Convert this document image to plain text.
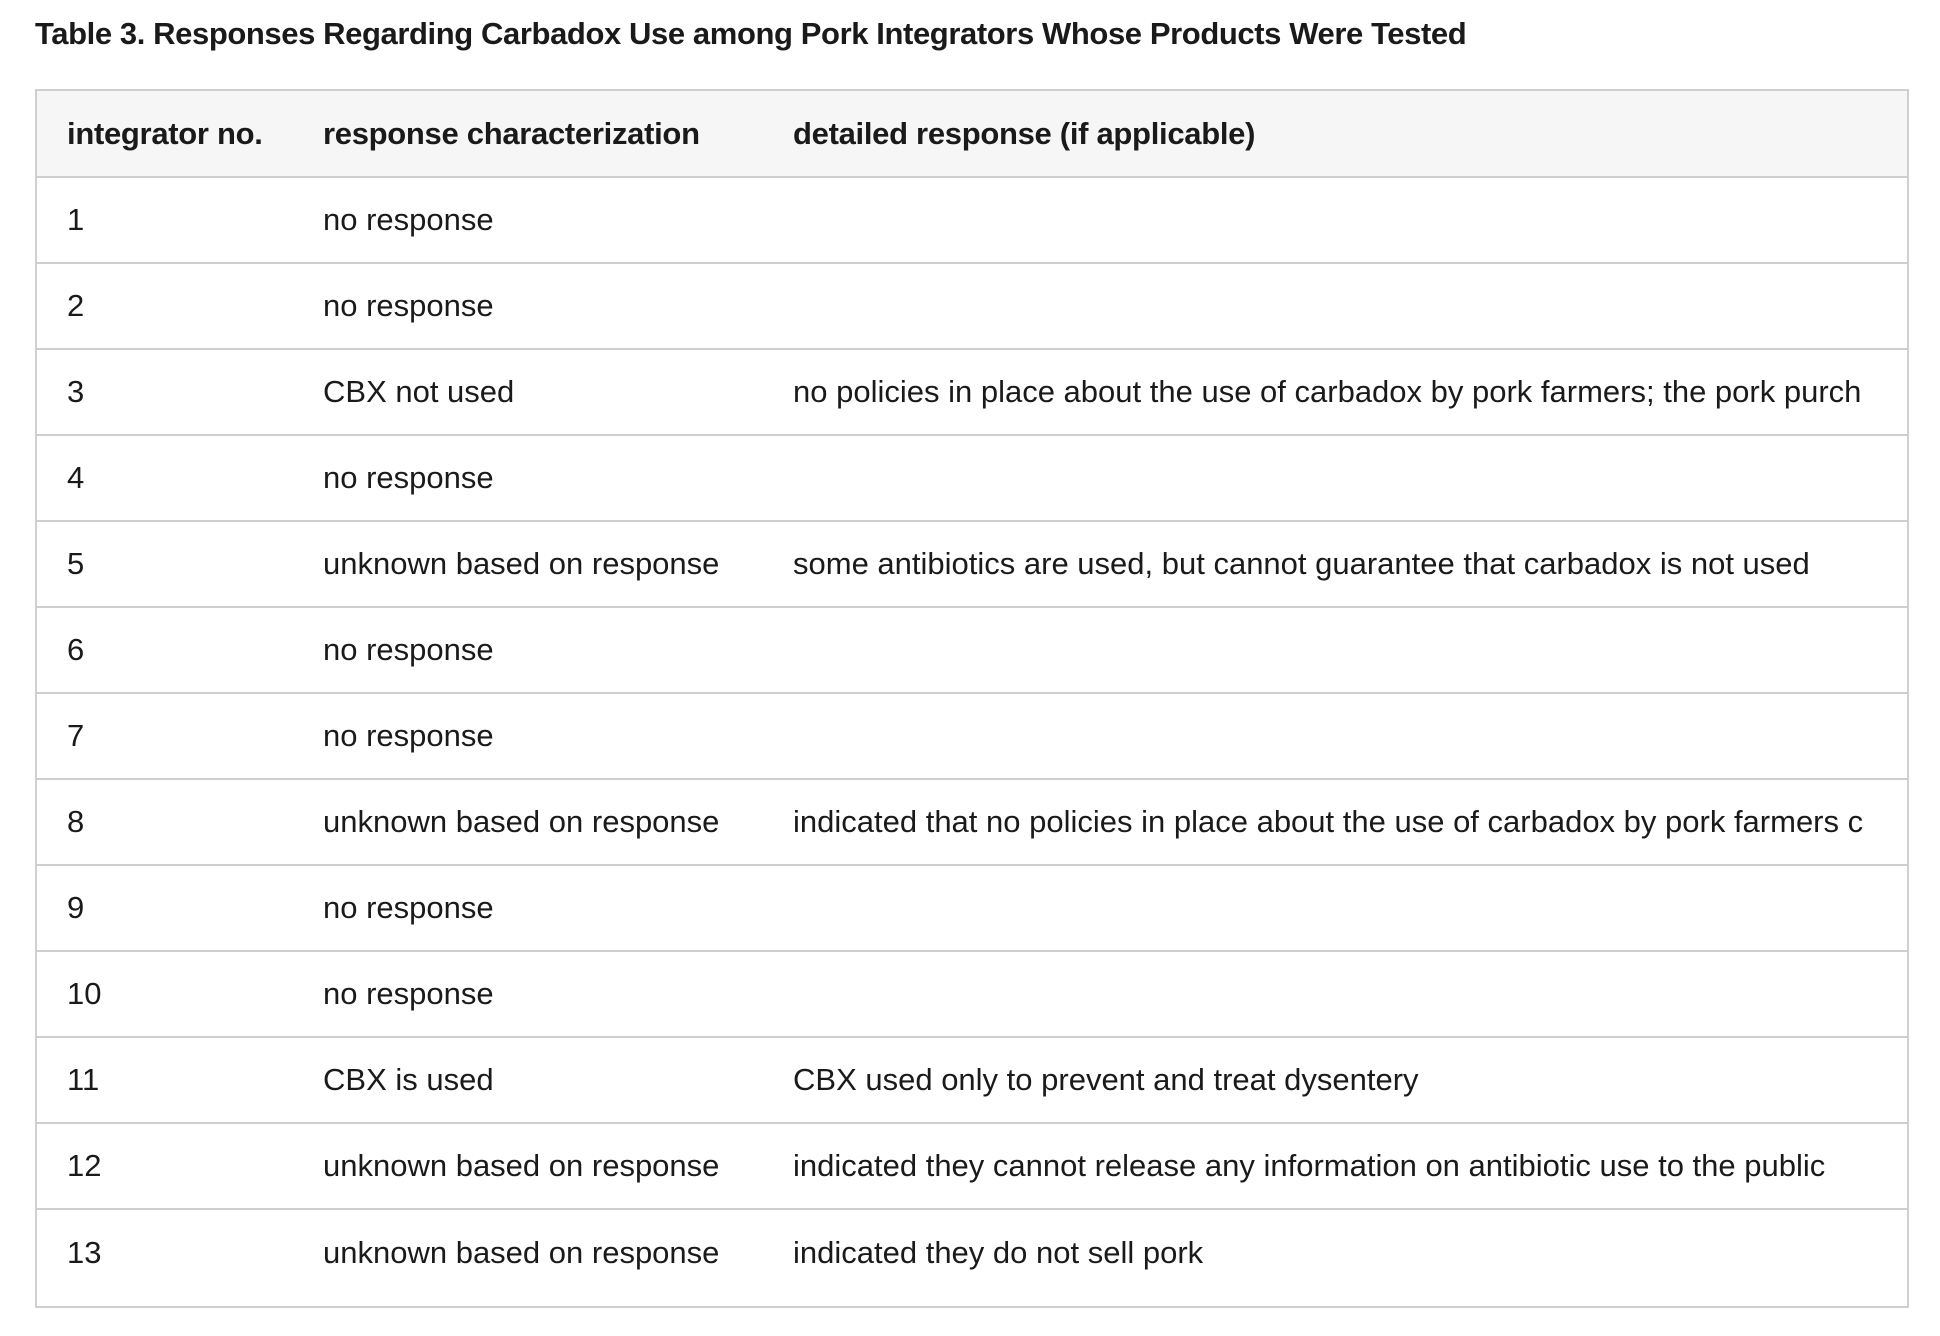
Table 3. Responses Regarding Carbadox Use among Pork Integrators Whose Products Were Tested
integrator no.	response characterization	detailed response (if applicable)
1	no response	
2	no response	
3	CBX not used	no policies in place about the use of carbadox by pork farmers; the pork purch
4	no response	
5	unknown based on response	some antibiotics are used, but cannot guarantee that carbadox is not used
6	no response	
7	no response	
8	unknown based on response	indicated that no policies in place about the use of carbadox by pork farmers c
9	no response	
10	no response	
11	CBX is used	CBX used only to prevent and treat dysentery
12	unknown based on response	indicated they cannot release any information on antibiotic use to the public
13	unknown based on response	indicated they do not sell pork
